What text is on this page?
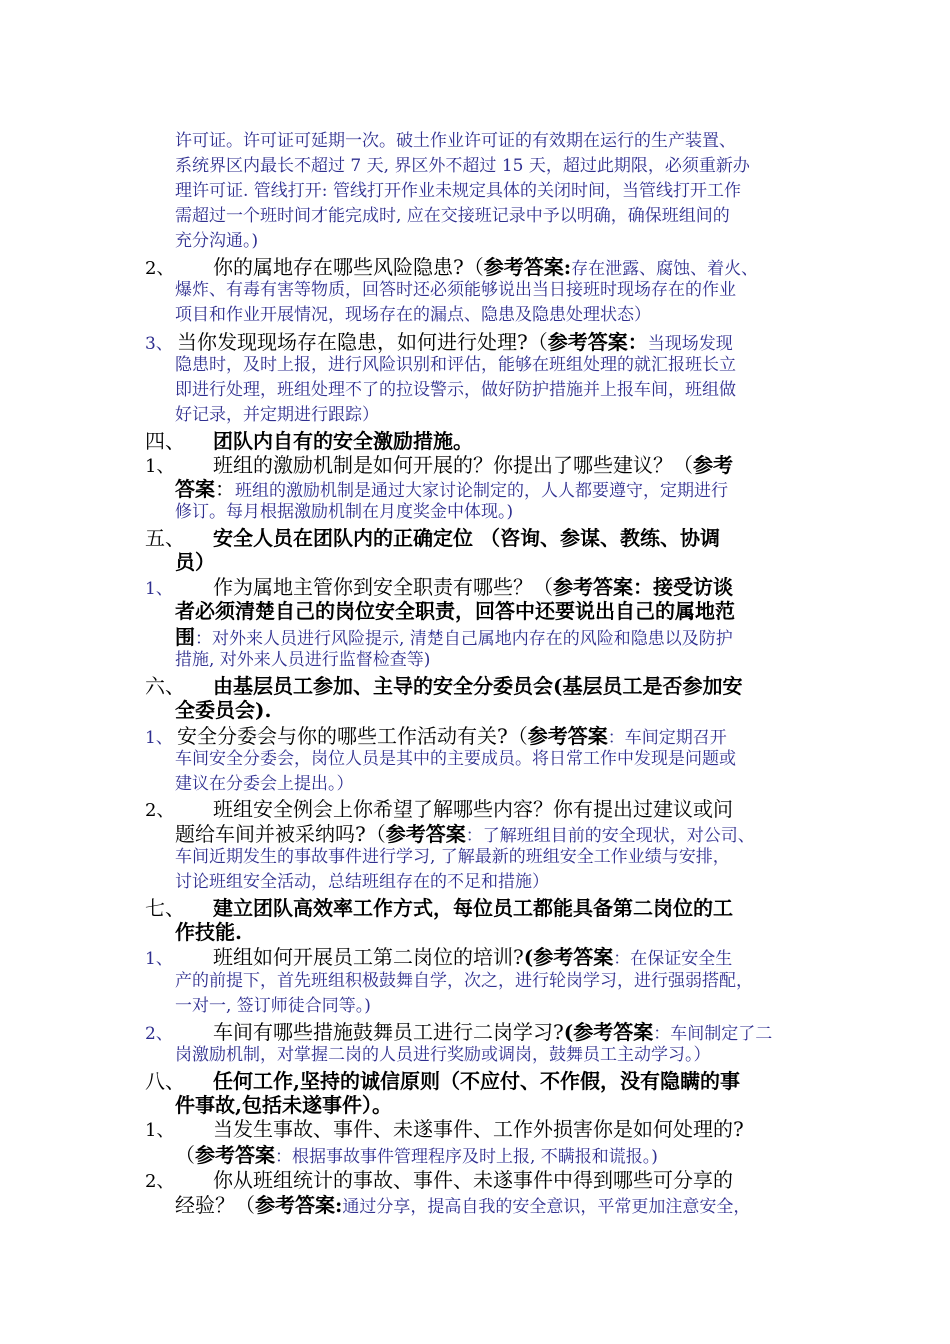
许可证。许可证可延期一次。破土作业许可证的有效期在运行的生产装置、
系统界区内最长不超过 7 天, 界区外不超过 15 天，超过此期限，必须重新办
理许可证. 管线打开: 管线打开作业未规定具体的关闭时间，当管线打开工作
需超过一个班时间才能完成时, 应在交接班记录中予以明确，确保班组间的
充分沟通。)
2、 你的属地存在哪些风险隐患?（参考答案:存在泄露、腐蚀、着火、
爆炸、有毒有害等物质，回答时还必须能够说出当日接班时现场存在的作业
项目和作业开展情况，现场存在的漏点、隐患及隐患处理状态）
3、 当你发现现场存在隐患，如何进行处理?（参考答案：当现场发现
隐患时，及时上报，进行风险识别和评估，能够在班组处理的就汇报班长立
即进行处理，班组处理不了的拉设警示，做好防护措施并上报车间，班组做
好记录，并定期进行跟踪）
四、 团队内自有的安全激励措施。
1、 班组的激励机制是如何开展的？你提出了哪些建议？（参考
答案：班组的激励机制是通过大家讨论制定的，人人都要遵守，定期进行
修订。每月根据激励机制在月度奖金中体现。)
五、 安全人员在团队内的正确定位 （咨询、参谋、教练、协调
员）
1、 作为属地主管你到安全职责有哪些？（参考答案：接受访谈
者必须清楚自己的岗位安全职责，回答中还要说出自己的属地范
围：对外来人员进行风险提示, 清楚自己属地内存在的风险和隐患以及防护
措施, 对外来人员进行监督检查等)
六、 由基层员工参加、主导的安全分委员会(基层员工是否参加安
全委员会).
1、 安全分委会与你的哪些工作活动有关?（参考答案：车间定期召开
车间安全分委会，岗位人员是其中的主要成员。将日常工作中发现是问题或
建议在分委会上提出。）
2、 班组安全例会上你希望了解哪些内容？你有提出过建议或问
题给车间并被采纳吗?（参考答案：了解班组目前的安全现状，对公司、
车间近期发生的事故事件进行学习, 了解最新的班组安全工作业绩与安排，
讨论班组安全活动，总结班组存在的不足和措施）
七、 建立团队高效率工作方式，每位员工都能具备第二岗位的工
作技能.
1、 班组如何开展员工第二岗位的培训?(参考答案：在保证安全生
产的前提下，首先班组积极鼓舞自学，次之，进行轮岗学习，进行强弱搭配，
一对一, 签订师徒合同等。)
2、 车间有哪些措施鼓舞员工进行二岗学习?(参考答案：车间制定了二
岗激励机制，对掌握二岗的人员进行奖励或调岗，鼓舞员工主动学习。）
八、 任何工作,坚持的诚信原则（不应付、不作假，没有隐瞒的事
件事故,包括未遂事件）。
1、 当发生事故、事件、未遂事件、工作外损害你是如何处理的?
（参考答案：根据事故事件管理程序及时上报, 不瞒报和谎报。)
2、 你从班组统计的事故、事件、未遂事件中得到哪些可分享的
经验？（参考答案:通过分享，提高自我的安全意识，平常更加注意安全，
